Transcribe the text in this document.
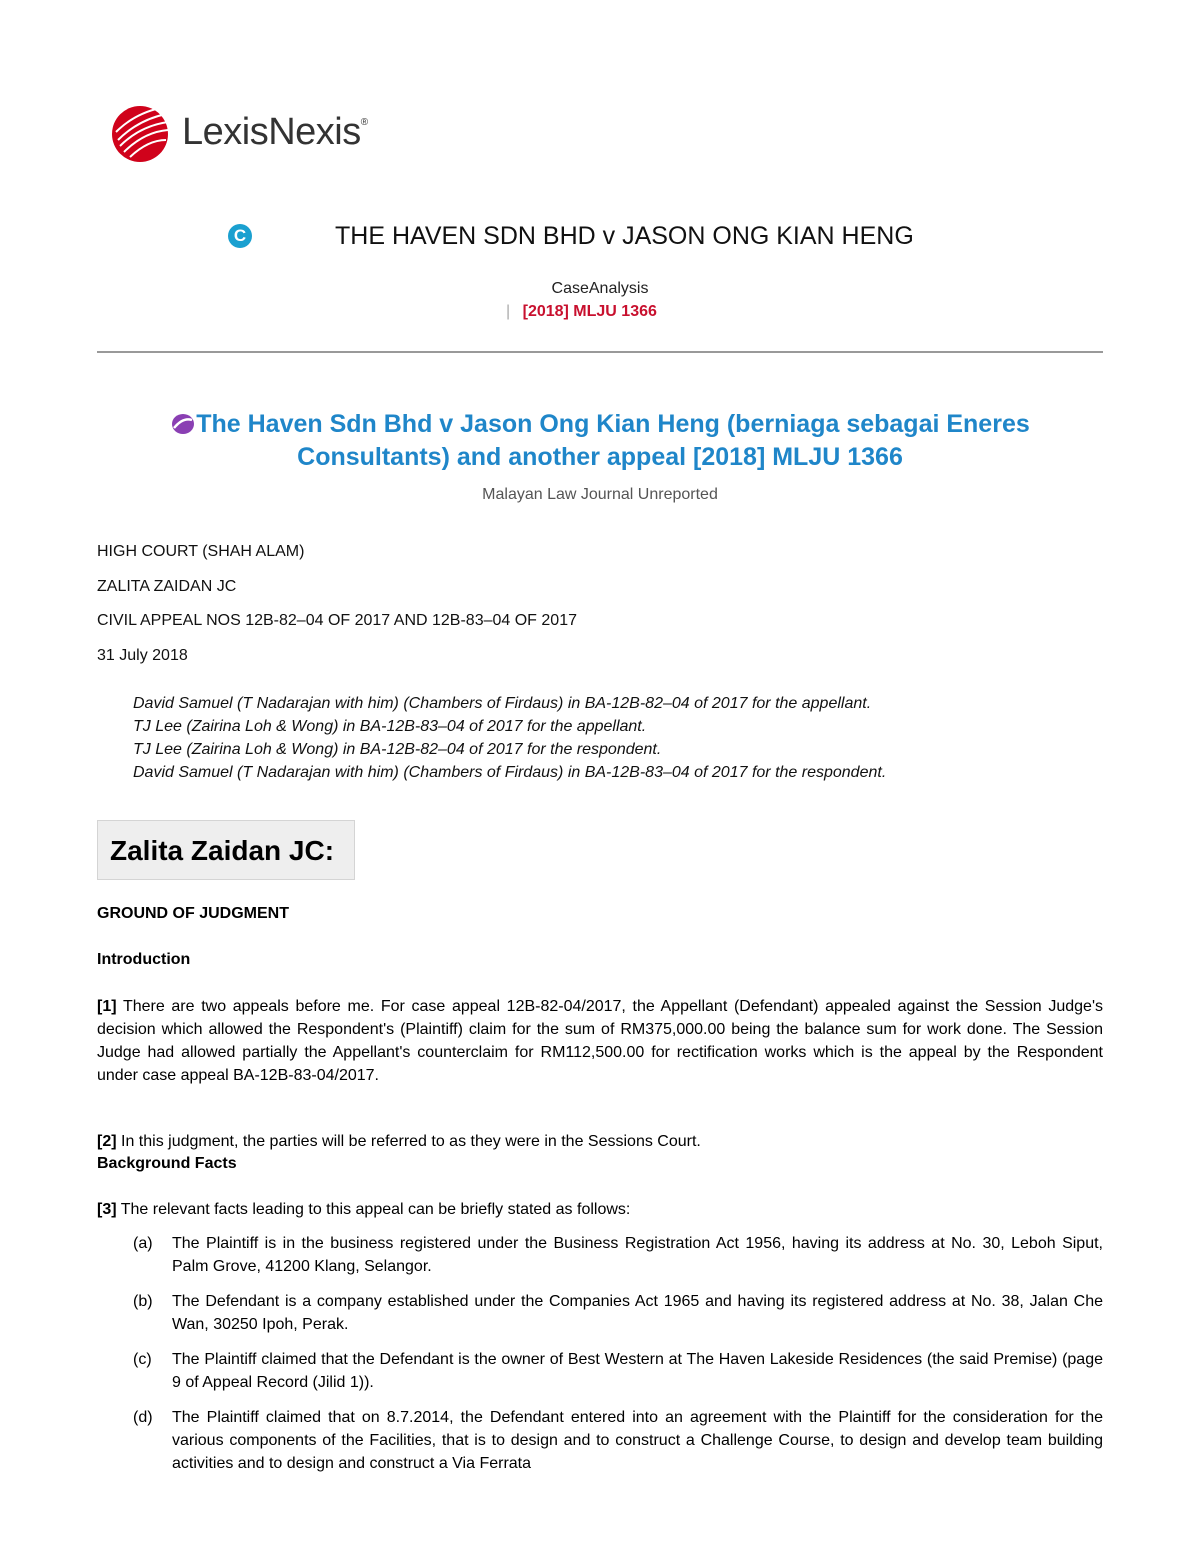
LexisNexis®
C	THE HAVEN SDN BHD v JASON ONG KIAN HENG
CaseAnalysis
| [2018] MLJU 1366
The Haven Sdn Bhd v Jason Ong Kian Heng (berniaga sebagai Eneres
Consultants) and another appeal [2018] MLJU 1366
Malayan Law Journal Unreported
HIGH COURT (SHAH ALAM)
ZALITA ZAIDAN JC
CIVIL APPEAL NOS 12B-82–04 OF 2017 AND 12B-83–04 OF 2017
31 July 2018
David Samuel (T Nadarajan with him) (Chambers of Firdaus) in BA-12B-82–04 of 2017 for the appellant.
TJ Lee (Zairina Loh & Wong) in BA-12B-83–04 of 2017 for the appellant.
TJ Lee (Zairina Loh & Wong) in BA-12B-82–04 of 2017 for the respondent.
David Samuel (T Nadarajan with him) (Chambers of Firdaus) in BA-12B-83–04 of 2017 for the respondent.
Zalita Zaidan JC:
GROUND OF JUDGMENT
Introduction
[1] There are two appeals before me. For case appeal 12B-82-04/2017, the Appellant (Defendant) appealed against the Session Judge's decision which allowed the Respondent's (Plaintiff) claim for the sum of RM375,000.00 being the balance sum for work done. The Session Judge had allowed partially the Appellant's counterclaim for RM112,500.00 for rectification works which is the appeal by the Respondent under case appeal BA-12B-83-04/2017.
[2] In this judgment, the parties will be referred to as they were in the Sessions Court.
Background Facts
[3] The relevant facts leading to this appeal can be briefly stated as follows:
(a)	The Plaintiff is in the business registered under the Business Registration Act 1956, having its address at No. 30, Leboh Siput, Palm Grove, 41200 Klang, Selangor.
(b)	The Defendant is a company established under the Companies Act 1965 and having its registered address at No. 38, Jalan Che Wan, 30250 Ipoh, Perak.
(c)	The Plaintiff claimed that the Defendant is the owner of Best Western at The Haven Lakeside Residences (the said Premise) (page 9 of Appeal Record (Jilid 1)).
(d)	The Plaintiff claimed that on 8.7.2014, the Defendant entered into an agreement with the Plaintiff for the consideration for the various components of the Facilities, that is to design and to construct a Challenge Course, to design and develop team building activities and to design and construct a Via Ferrata
